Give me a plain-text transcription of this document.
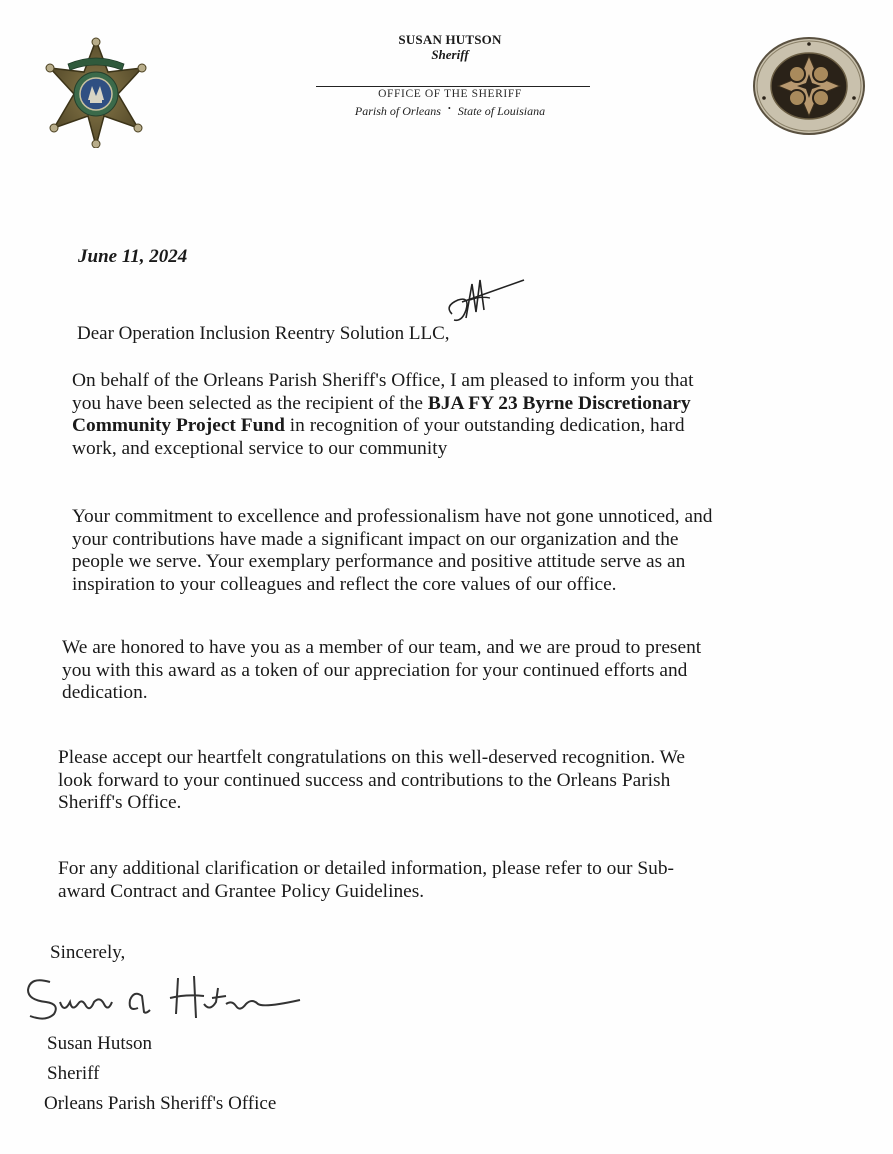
SUSAN HUTSON
Sheriff
OFFICE OF THE SHERIFF
Parish of Orleans • State of Louisiana
June 11, 2024
Dear Operation Inclusion Reentry Solution LLC,
On behalf of the Orleans Parish Sheriff's Office, I am pleased to inform you that
you have been selected as the recipient of the BJA FY 23 Byrne Discretionary
Community Project Fund in recognition of your outstanding dedication, hard
work, and exceptional service to our community
Your commitment to excellence and professionalism have not gone unnoticed, and
your contributions have made a significant impact on our organization and the
people we serve. Your exemplary performance and positive attitude serve as an
inspiration to your colleagues and reflect the core values of our office.
We are honored to have you as a member of our team, and we are proud to present
you with this award as a token of our appreciation for your continued efforts and
dedication.
Please accept our heartfelt congratulations on this well-deserved recognition. We
look forward to your continued success and contributions to the Orleans Parish
Sheriff's Office.
For any additional clarification or detailed information, please refer to our Sub-
award Contract and Grantee Policy Guidelines.
Sincerely,
Susan Hutson
Sheriff
Orleans Parish Sheriff's Office
